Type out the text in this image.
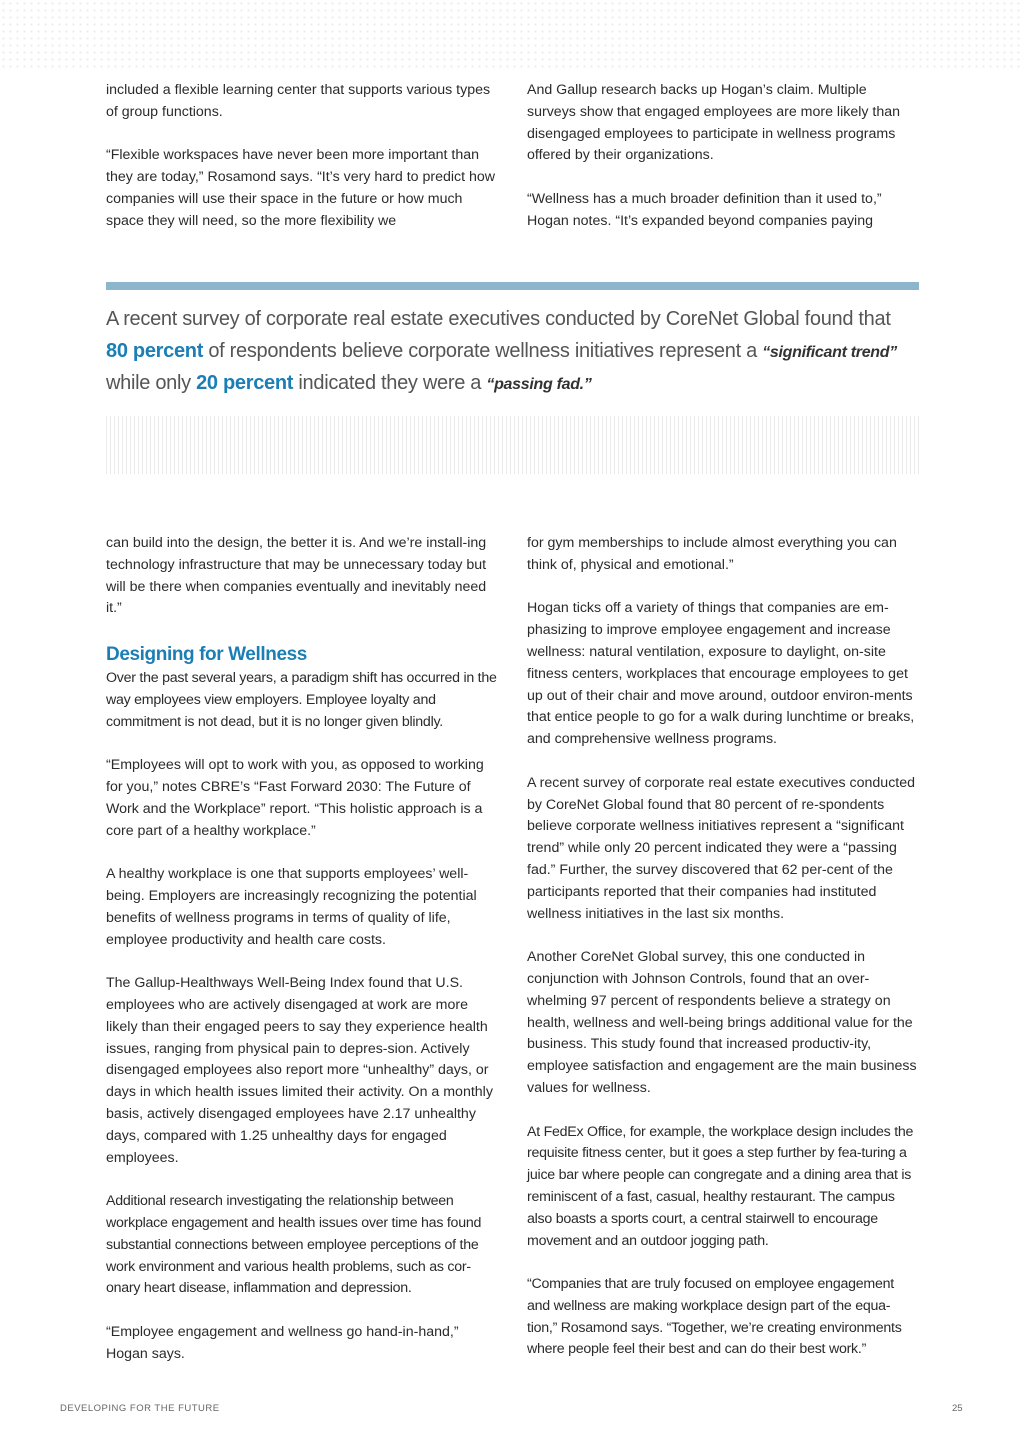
included a flexible learning center that supports various types of group functions.

“Flexible workspaces have never been more important than they are today,” Rosamond says. “It’s very hard to predict how companies will use their space in the future or how much space they will need, so the more flexibility we

And Gallup research backs up Hogan’s claim. Multiple surveys show that engaged employees are more likely than disengaged employees to participate in wellness programs offered by their organizations.

“Wellness has a much broader definition than it used to,” Hogan notes. “It’s expanded beyond companies paying

A recent survey of corporate real estate executives conducted by CoreNet Global found that
80 percent of respondents believe corporate wellness initiatives represent a “significant trend”
while only 20 percent indicated they were a “passing fad.”

can build into the design, the better it is. And we’re install-ing technology infrastructure that may be unnecessary today but will be there when companies eventually and inevitably need it.”

Designing for Wellness

Over the past several years, a paradigm shift has occurred in the way employees view employers. Employee loyalty and commitment is not dead, but it is no longer given blindly.

“Employees will opt to work with you, as opposed to working for you,” notes CBRE’s “Fast Forward 2030: The Future of Work and the Workplace” report. “This holistic approach is a core part of a healthy workplace.”

A healthy workplace is one that supports employees’ well-being. Employers are increasingly recognizing the potential benefits of wellness programs in terms of quality of life, employee productivity and health care costs.

The Gallup-Healthways Well-Being Index found that U.S. employees who are actively disengaged at work are more likely than their engaged peers to say they experience health issues, ranging from physical pain to depres-sion. Actively disengaged employees also report more “unhealthy” days, or days in which health issues limited their activity. On a monthly basis, actively disengaged employees have 2.17 unhealthy days, compared with 1.25 unhealthy days for engaged employees.

Additional research investigating the relationship between workplace engagement and health issues over time has found substantial connections between employee perceptions of the work environment and various health problems, such as cor-onary heart disease, inflammation and depression.

“Employee engagement and wellness go hand-in-hand,” Hogan says.

for gym memberships to include almost everything you can think of, physical and emotional.”

Hogan ticks off a variety of things that companies are em-phasizing to improve employee engagement and increase wellness: natural ventilation, exposure to daylight, on-site fitness centers, workplaces that encourage employees to get up out of their chair and move around, outdoor environ-ments that entice people to go for a walk during lunchtime or breaks, and comprehensive wellness programs.

A recent survey of corporate real estate executives conducted by CoreNet Global found that 80 percent of re-spondents believe corporate wellness initiatives represent a “significant trend” while only 20 percent indicated they were a “passing fad.” Further, the survey discovered that 62 per-cent of the participants reported that their companies had instituted wellness initiatives in the last six months.

Another CoreNet Global survey, this one conducted in conjunction with Johnson Controls, found that an over-whelming 97 percent of respondents believe a strategy on health, wellness and well-being brings additional value for the business. This study found that increased productiv-ity, employee satisfaction and engagement are the main business values for wellness.

At FedEx Office, for example, the workplace design includes the requisite fitness center, but it goes a step further by fea-turing a juice bar where people can congregate and a dining area that is reminiscent of a fast, casual, healthy restaurant. The campus also boasts a sports court, a central stairwell to encourage movement and an outdoor jogging path.

“Companies that are truly focused on employee engagement and wellness are making workplace design part of the equa-tion,” Rosamond says. “Together, we’re creating environments where people feel their best and can do their best work.”

DEVELOPING FOR THE FUTURE	25
